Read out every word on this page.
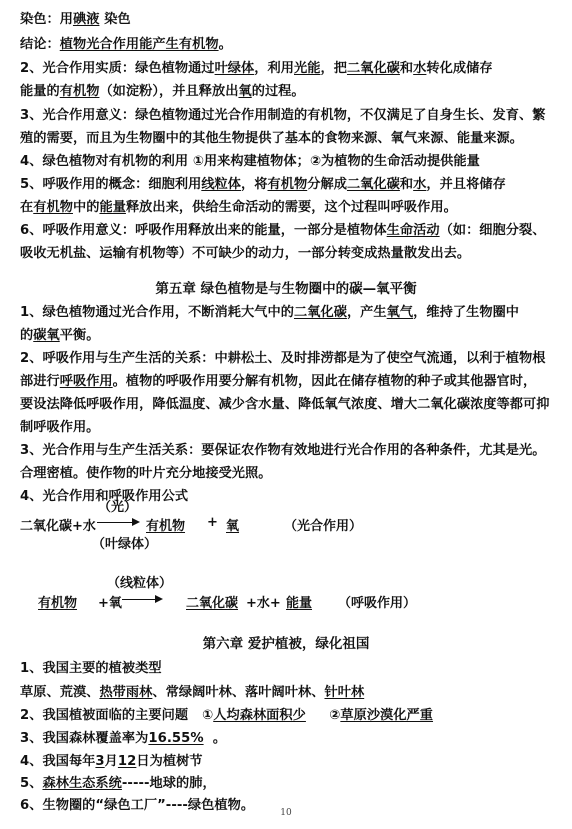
染色：用碘液 染色
结论：植物光合作用能产生有机物。
2、光合作用实质：绿色植物通过叶绿体，利用光能，把二氧化碳和水转化成储存
能量的有机物（如淀粉），并且释放出氧的过程。
3、光合作用意义：绿色植物通过光合作用制造的有机物，不仅满足了自身生长、发育、繁
殖的需要，而且为生物圈中的其他生物提供了基本的食物来源、氧气来源、能量来源。
4、绿色植物对有机物的利用 ①用来构建植物体；②为植物的生命活动提供能量
5、呼吸作用的概念：细胞利用线粒体，将有机物分解成二氧化碳和水，并且将储存
在有机物中的能量释放出来，供给生命活动的需要，这个过程叫呼吸作用。
6、呼吸作用意义：呼吸作用释放出来的能量，一部分是植物体生命活动（如：细胞分裂、
吸收无机盐、运输有机物等）不可缺少的动力，一部分转变成热量散发出去。
第五章 绿色植物是与生物圈中的碳—氧平衡
1、绿色植物通过光合作用，不断消耗大气中的二氧化碳，产生氧气，维持了生物圈中
的碳氧平衡。
2、呼吸作用与生产生活的关系：中耕松土、及时排涝都是为了使空气流通，以利于植物根
部进行呼吸作用。植物的呼吸作用要分解有机物，因此在储存植物的种子或其他器官时，
要设法降低呼吸作用，降低温度、减少含水量、降低氧气浓度、增大二氧化碳浓度等都可抑
制呼吸作用。
3、光合作用与生产生活关系：要保证农作物有效地进行光合作用的各种条件，尤其是光。
合理密植。使作物的叶片充分地接受光照。
4、光合作用和呼吸作用公式
（光）
二氧化碳+水	有机物 + 氧	（光合作用）
（叶绿体）
（线粒体）
有机物 +氧	二氧化碳 +水+ 能量 （呼吸作用）
第六章 爱护植被，绿化祖国
1、我国主要的植被类型
草原、荒漠、热带雨林、常绿阔叶林、落叶阔叶林、针叶林
2、我国植被面临的主要问题 ①人均森林面积少 ②草原沙漠化严重
3、我国森林覆盖率为16.55% 。
4、我国每年3月12日为植树节
5、森林生态系统-----地球的肺，
6、生物圈的“绿色工厂”----绿色植物。	10
